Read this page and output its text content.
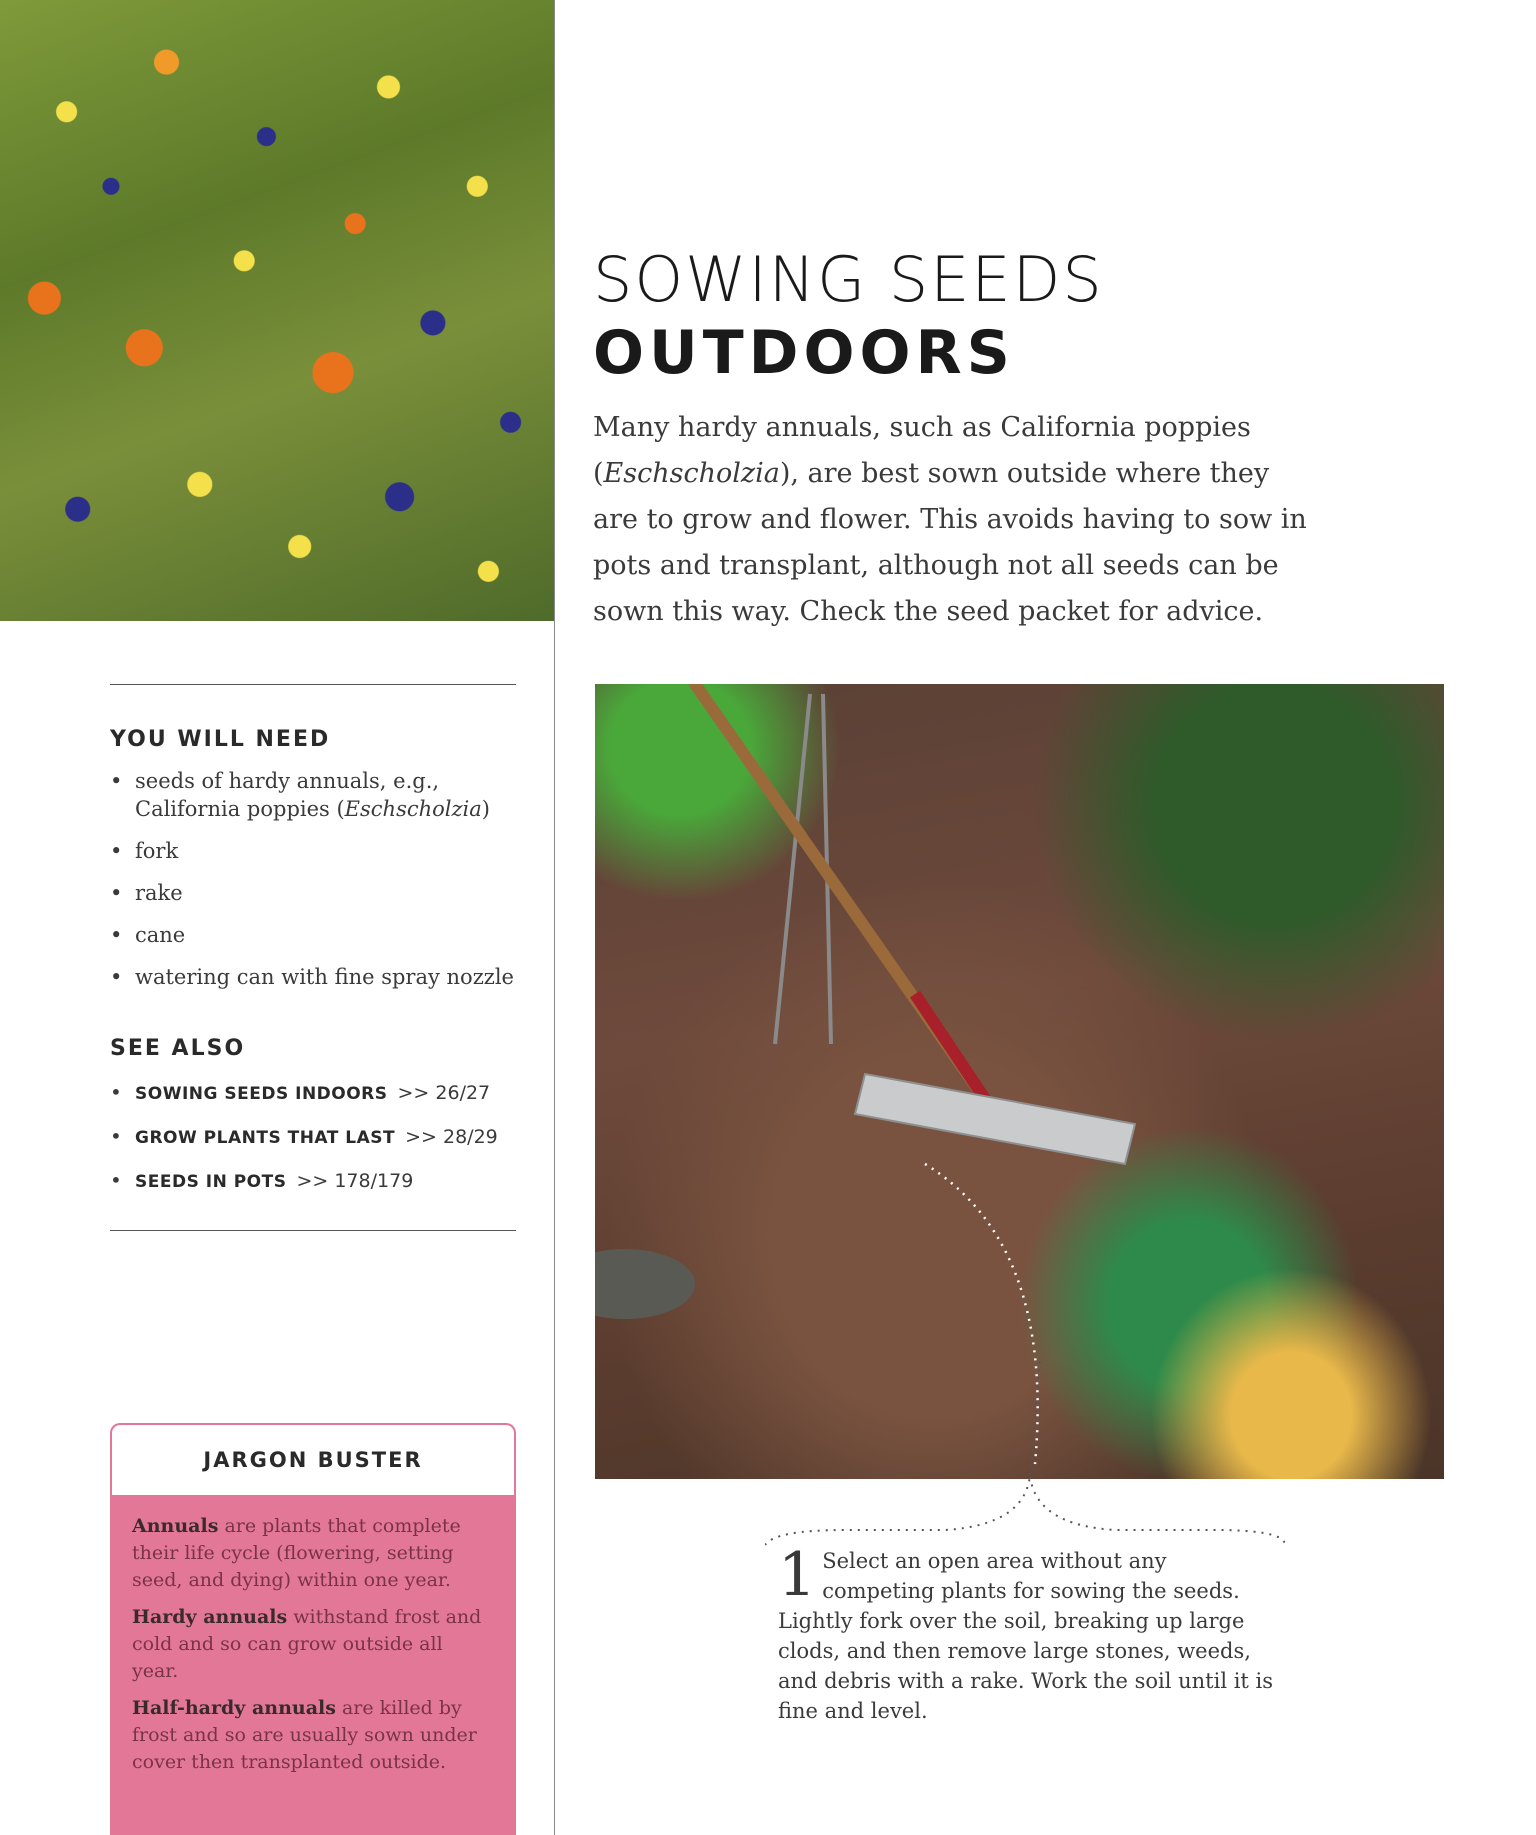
SOWING SEEDS
OUTDOORS

Many hardy annuals, such as California poppies (Eschscholzia), are best sown outside where they are to grow and flower. This avoids having to sow in pots and transplant, although not all seeds can be sown this way. Check the seed packet for advice.

YOU WILL NEED
• seeds of hardy annuals, e.g., California poppies (Eschscholzia)
• fork
• rake
• cane
• watering can with fine spray nozzle
SEE ALSO
• SOWING SEEDS INDOORS >> 26/27
• GROW PLANTS THAT LAST >> 28/29
• SEEDS IN POTS >> 178/179
JARGON BUSTER

Annuals are plants that complete their life cycle (flowering, setting seed, and dying) within one year.

Hardy annuals withstand frost and cold and so can grow outside all year.

Half-hardy annuals are killed by frost and so are usually sown under cover then transplanted outside.

1 Select an open area without any competing plants for sowing the seeds. Lightly fork over the soil, breaking up large clods, and then remove large stones, weeds, and debris with a rake. Work the soil until it is fine and level.
